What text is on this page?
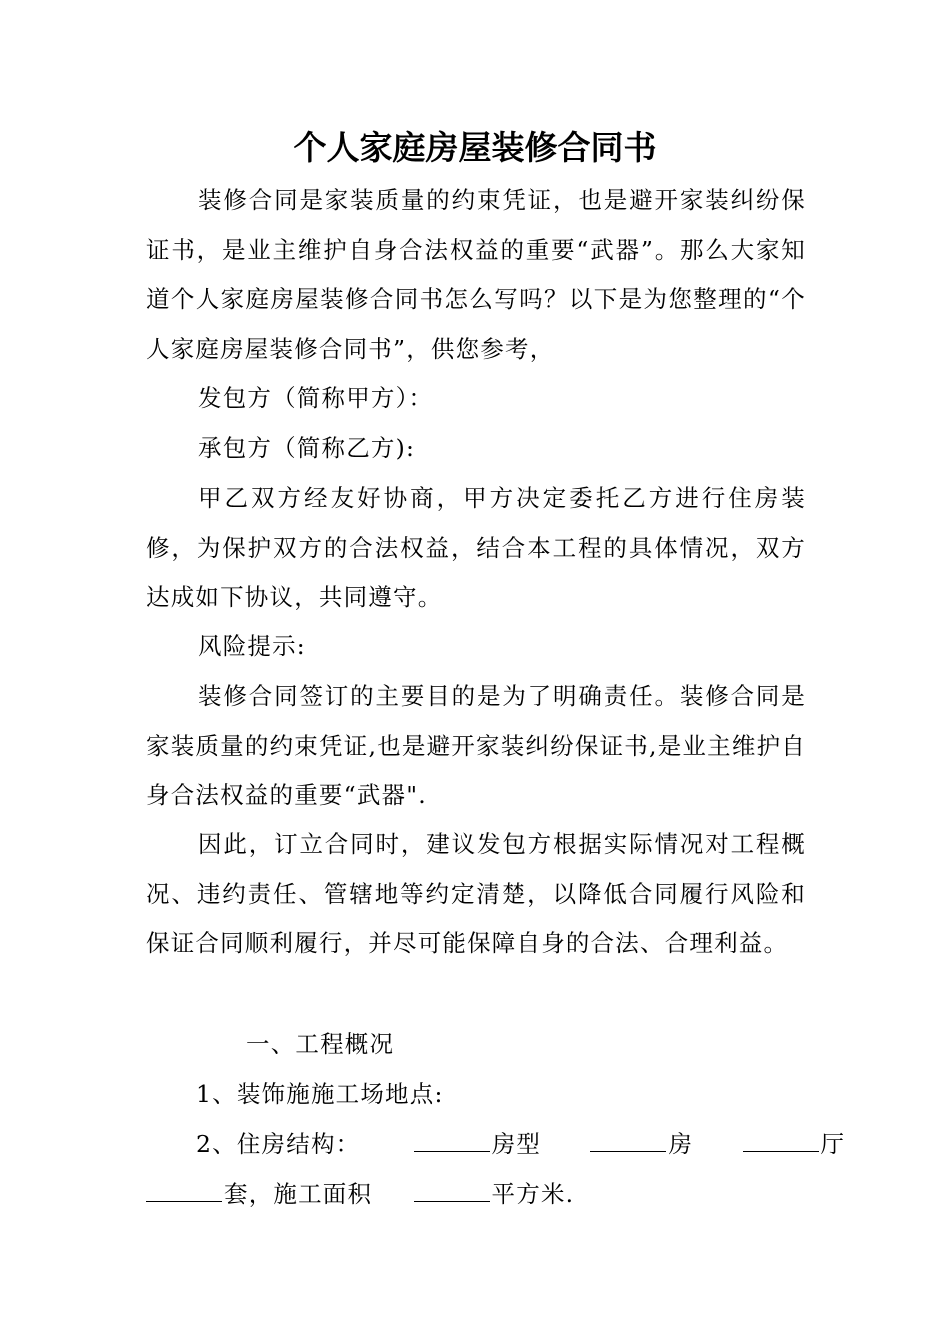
个人家庭房屋装修合同书

装修合同是家装质量的约束凭证，也是避开家装纠纷保证书，是业主维护自身合法权益的重要“武器”。那么大家知道个人家庭房屋装修合同书怎么写吗？以下是为您整理的“个人家庭房屋装修合同书”，供您参考，

发包方（简称甲方）：

承包方（简称乙方):

甲乙双方经友好协商，甲方决定委托乙方进行住房装修，为保护双方的合法权益，结合本工程的具体情况，双方达成如下协议，共同遵守。

风险提示:

装修合同签订的主要目的是为了明确责任。装修合同是家装质量的约束凭证,也是避开家装纠纷保证书,是业主维护自身合法权益的重要“武器".

因此，订立合同时，建议发包方根据实际情况对工程概况、违约责任、管辖地等约定清楚，以降低合同履行风险和保证合同顺利履行，并尽可能保障自身的合法、合理利益。

一、工程概况

1、装饰施施工场地点:

2、住房结构：	房型	房	厅
套，施工面积	平方米.
